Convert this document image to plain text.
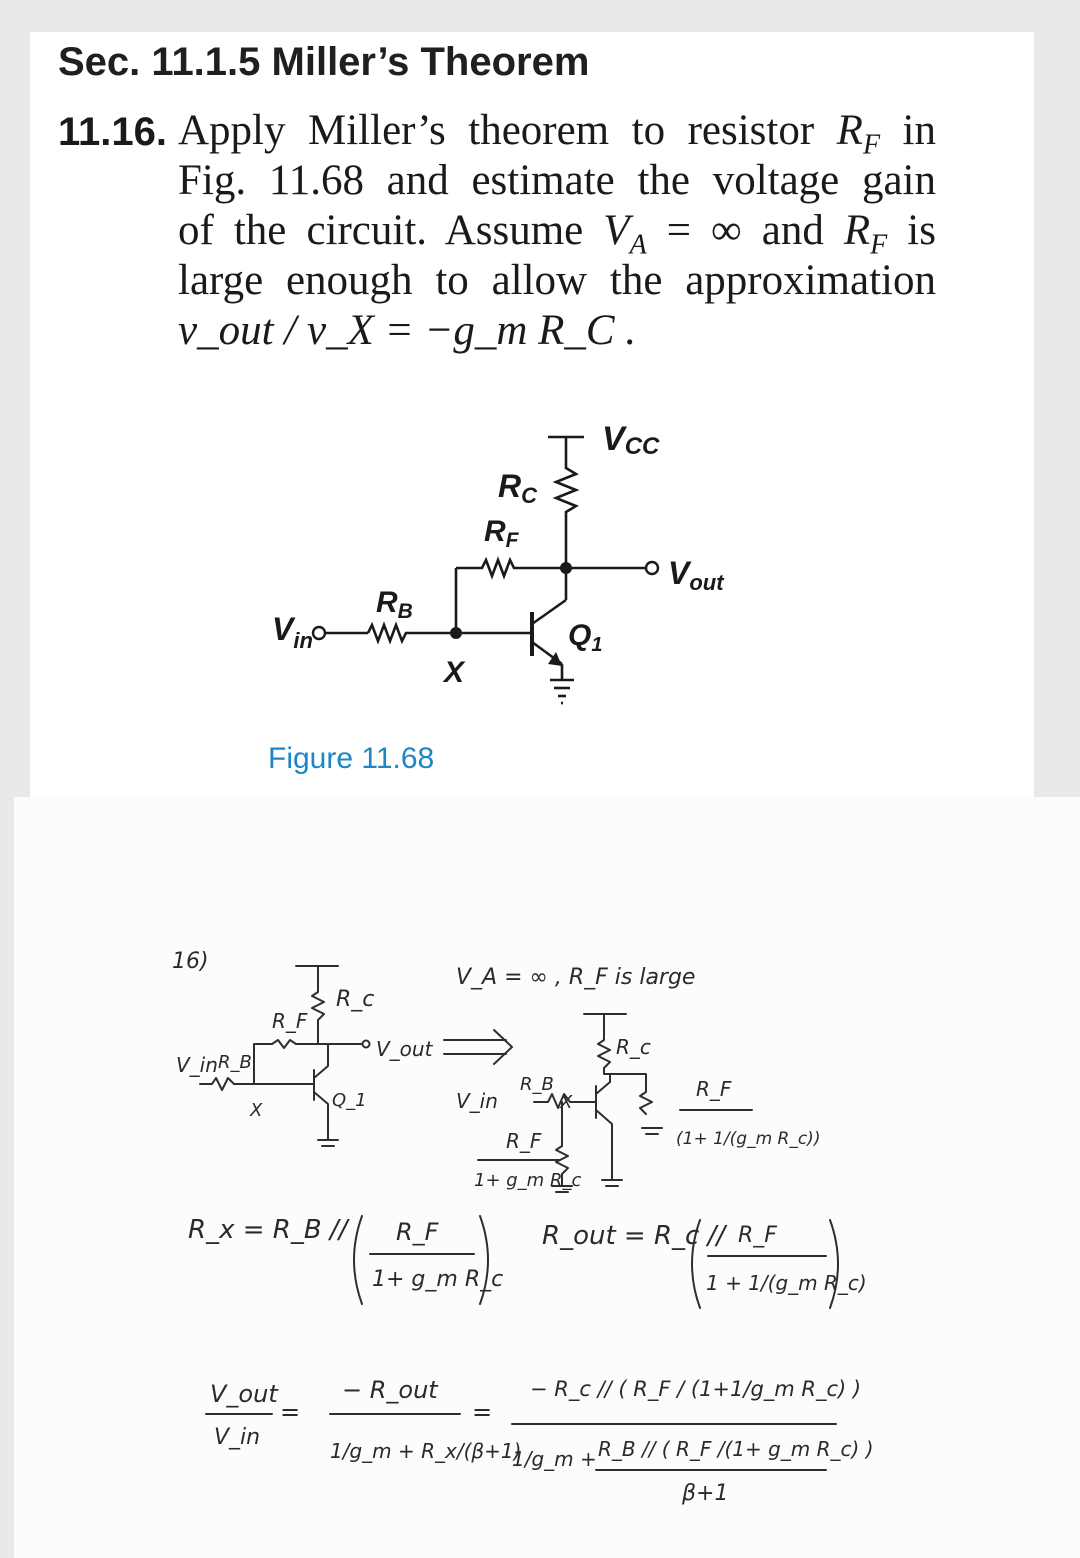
Sec. 11.1.5 Miller’s Theorem
11.16. Apply Miller’s theorem to resistor $R_F$ in
Fig. 11.68 and estimate the voltage gain
of the circuit. Assume $V_A$ = ∞ and $R_F$ is
large enough to allow the approximation
v_out / v_X = −g_m R_C .
VCC
RC
$R_F$
Vout
$R_B$
$V_{in}$	$Q_1$
X
16)
R_c
R_F
V_out
V_in R_B
X	Q_1
V_A = ∞ , R_F is large
R_c
V_in
R_B
X
R_F
1+ g_m R_c
R_F
(1+ 1/(g_m R_c))
R_x = R_B // R_F
1+ g_m R_c
R_out = R_c // R_F
1 + 1/(g_m R_c)
V_out
V_in
=
− R_out
1/g_m + R_x/(β+1)
=
− R_c // ( R_F / (1+1/g_m R_c) )
1/g_m + R_B // ( R_F /(1+ g_m R_c) )
β+1
Figure 11.68
